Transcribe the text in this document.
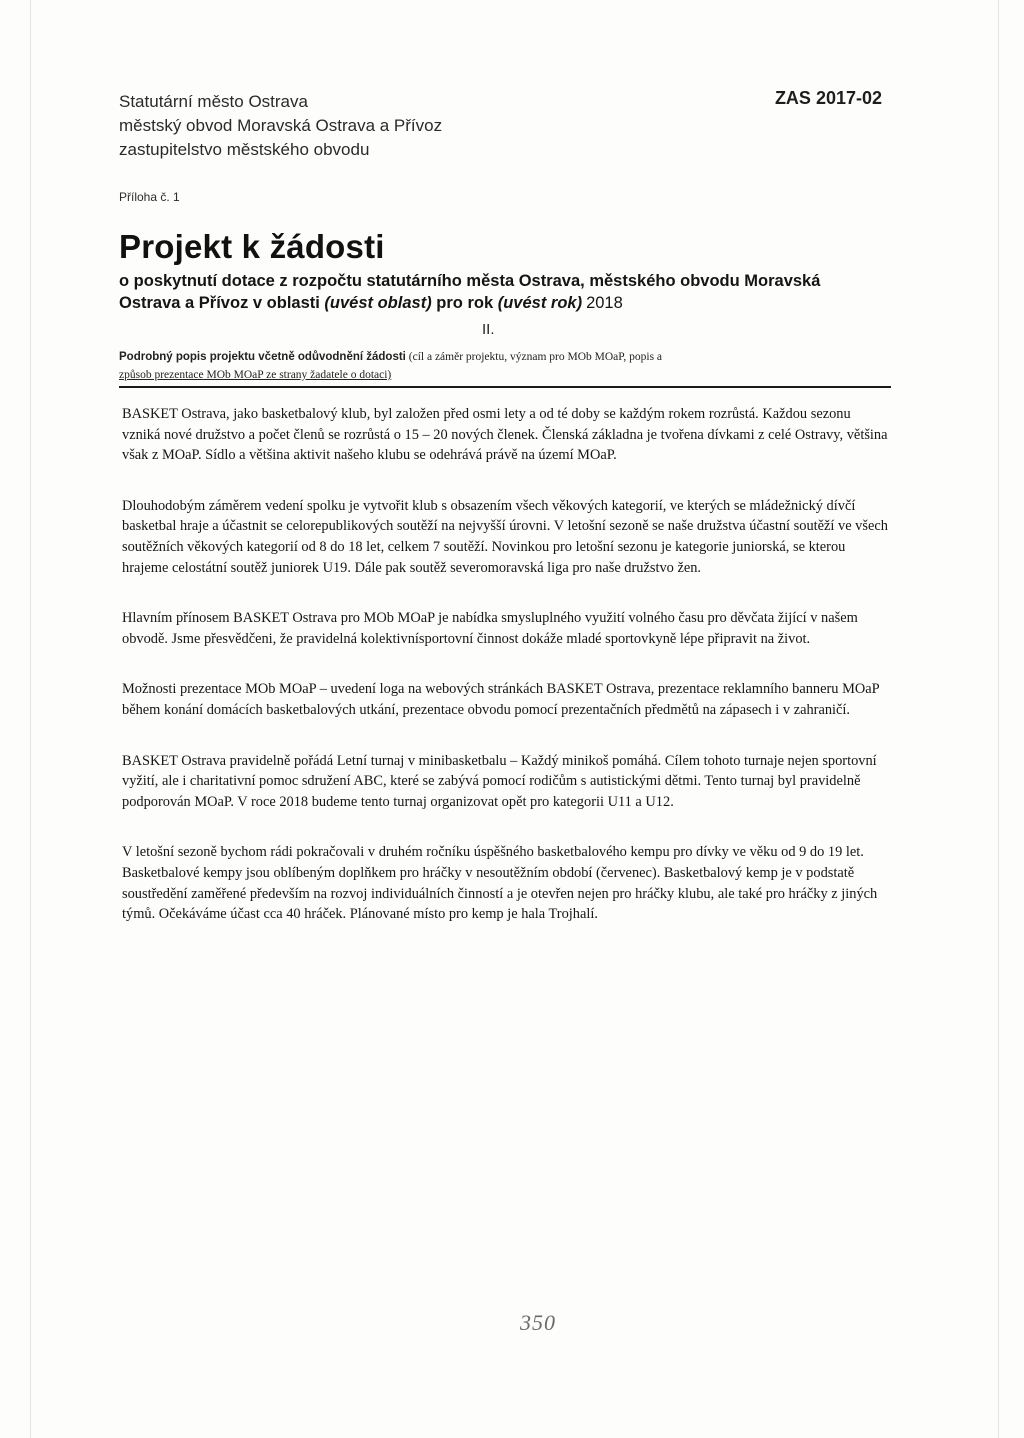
Statutární město Ostrava
městský obvod Moravská Ostrava a Přívoz
zastupitelstvo městského obvodu
ZAS 2017-02
Příloha č. 1
Projekt k žádosti
o poskytnutí dotace z rozpočtu statutárního města Ostrava, městského obvodu Moravská Ostrava a Přívoz v oblasti (uvést oblast) pro rok (uvést rok) 2018
II.
Podrobný popis projektu včetně odůvodnění žádosti (cíl a záměr projektu, význam pro MOb MOaP, popis a
způsob prezentace MOb MOaP ze strany žadatele o dotaci)

BASKET Ostrava, jako basketbalový klub, byl založen před osmi lety a od té doby se každým rokem rozrůstá. Každou sezonu vzniká nové družstvo a počet členů se rozrůstá o 15 – 20 nových členek. Členská základna je tvořena dívkami z celé Ostravy, většina však z MOaP. Sídlo a většina aktivit našeho klubu se odehrává právě na území MOaP.

Dlouhodobým záměrem vedení spolku je vytvořit klub s obsazením všech věkových kategorií, ve kterých se mládežnický dívčí basketbal hraje a účastnit se celorepublikových soutěží na nejvyšší úrovni. V letošní sezoně se naše družstva účastní soutěží ve všech soutěžních věkových kategorií od 8 do 18 let, celkem 7 soutěží. Novinkou pro letošní sezonu je kategorie juniorská, se kterou hrajeme celostátní soutěž juniorek U19. Dále pak soutěž severomoravská liga pro naše družstvo žen.

Hlavním přínosem BASKET Ostrava pro MOb MOaP je nabídka smysluplného využití volného času pro děvčata žijící v našem obvodě. Jsme přesvědčeni, že pravidelná kolektivnísportovní činnost dokáže mladé sportovkyně lépe připravit na život.

Možnosti prezentace MOb MOaP – uvedení loga na webových stránkách BASKET Ostrava, prezentace reklamního banneru MOaP během konání domácích basketbalových utkání, prezentace obvodu pomocí prezentačních předmětů na zápasech i v zahraničí.

BASKET Ostrava pravidelně pořádá Letní turnaj v minibasketbalu – Každý minikoš pomáhá. Cílem tohoto turnaje nejen sportovní vyžití, ale i charitativní pomoc sdružení ABC, které se zabývá pomocí rodičům s autistickými dětmi. Tento turnaj byl pravidelně podporován MOaP. V roce 2018 budeme tento turnaj organizovat opět pro kategorii U11 a U12.

V letošní sezoně bychom rádi pokračovali v druhém ročníku úspěšného basketbalového kempu pro dívky ve věku od 9 do 19 let. Basketbalové kempy jsou oblíbeným doplňkem pro hráčky v nesoutěžním období (červenec). Basketbalový kemp je v podstatě soustředění zaměřené především na rozvoj individuálních činností a je otevřen nejen pro hráčky klubu, ale také pro hráčky z jiných týmů. Očekáváme účast cca 40 hráček. Plánované místo pro kemp je hala Trojhalí.

350
